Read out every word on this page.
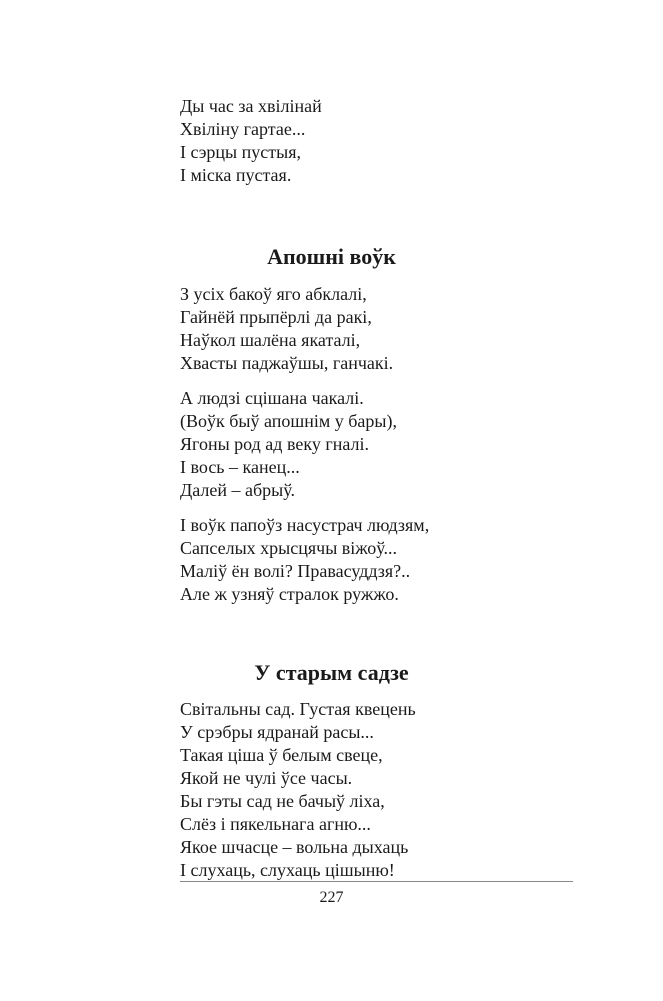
Ды час за хвілінай
Хвіліну гартае...
І сэрцы пустыя,
І міска пустая.
Апошні воўк
З усіх бакоў яго абклалі,
Гайнёй прыпёрлі да ракі,
Наўкол шалёна якаталі,
Хвасты паджаўшы, ганчакі.
А людзі сцішана чакалі.
(Воўк быў апошнім у бары),
Ягоны род ад веку гналі.
І вось – канец...
Далей – абрыў.
І воўк папоўз насустрач людзям,
Сапселых хрысцячы віжоў...
Маліў ён волі? Правасуддзя?..
Але ж узняў стралок ружжо.
У старым садзе
Світальны сад. Густая квецень
У срэбры ядранай расы...
Такая ціша ў белым свеце,
Якой не чулі ўсе часы.
Бы гэты сад не бачыў ліха,
Слёз і пякельнага агню...
Якое шчасце – вольна дыхаць
І слухаць, слухаць цішыню!
227
